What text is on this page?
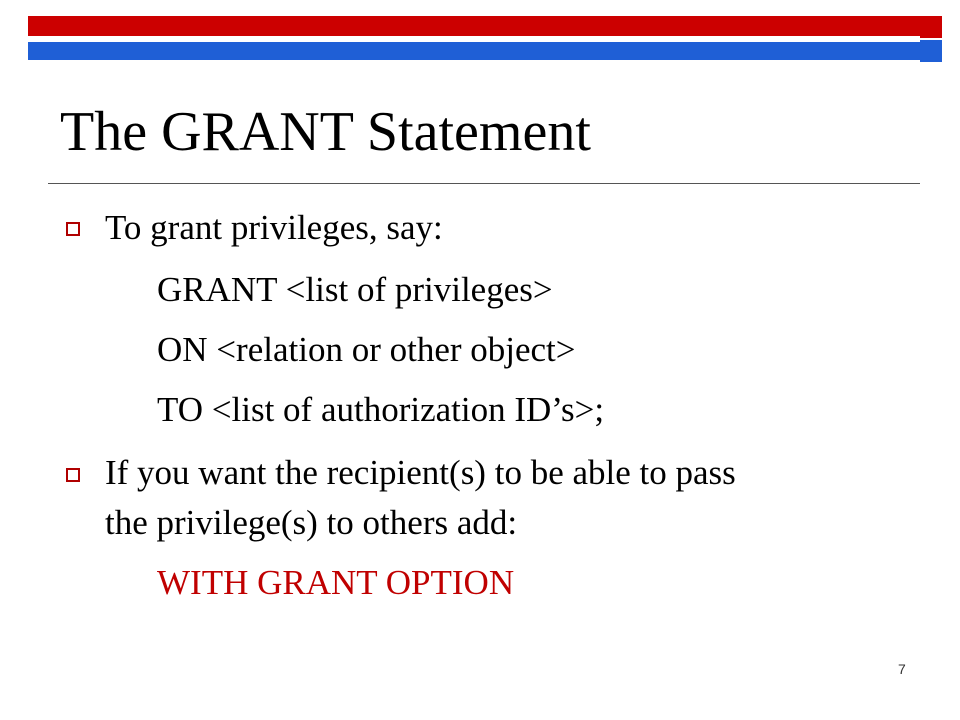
The GRANT Statement
To grant privileges, say:
GRANT <list of privileges>
ON <relation or other object>
TO <list of authorization ID’s>;
If you want the recipient(s) to be able to pass
the privilege(s) to others add:
WITH GRANT OPTION
7
